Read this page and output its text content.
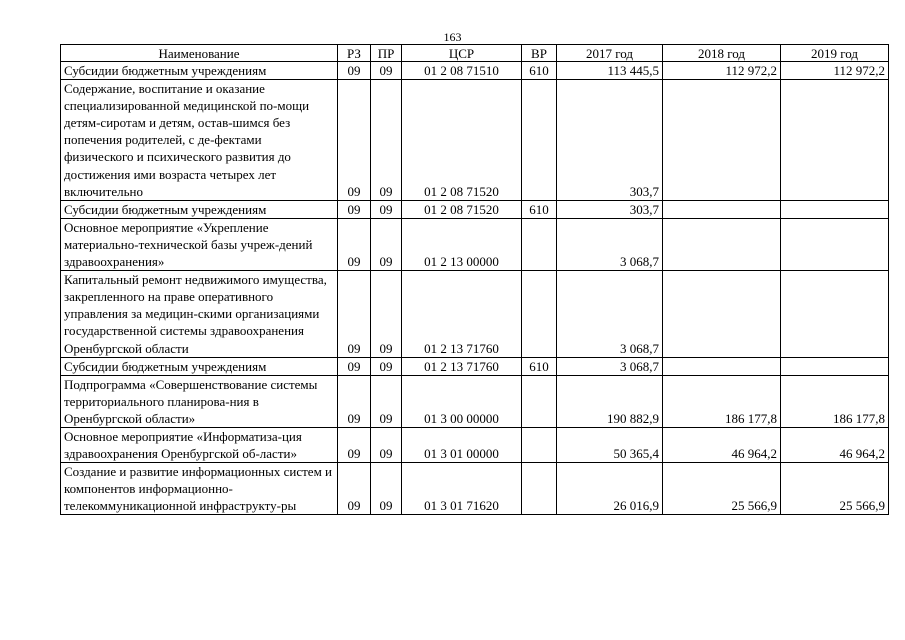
163
Наименование	РЗ	ПР	ЦСР	ВР	2017 год	2018 год	2019 год
Субсидии бюджетным учреждениям	09	09	01 2 08 71510	610	113 445,5	112 972,2	112 972,2
Содержание, воспитание и оказание специализированной медицинской по-мощи детям-сиротам и детям, остав-шимся без попечения родителей, с де-фектами физического и психического развития до достижения ими возраста четырех лет включительно	09	09	01 2 08 71520		303,7		
Субсидии бюджетным учреждениям	09	09	01 2 08 71520	610	303,7		
Основное мероприятие «Укрепление материально-технической базы учреж-дений здравоохранения»	09	09	01 2 13 00000		3 068,7		
Капитальный ремонт недвижимого имущества, закрепленного на праве оперативного управления за медицин-скими организациями государственной системы здравоохранения Оренбургской области	09	09	01 2 13 71760		3 068,7		
Субсидии бюджетным учреждениям	09	09	01 2 13 71760	610	3 068,7		
Подпрограмма «Совершенствование системы территориального планирова-ния в Оренбургской области»	09	09	01 3 00 00000		190 882,9	186 177,8	186 177,8
Основное мероприятие «Информатиза-ция здравоохранения Оренбургской об-ласти»	09	09	01 3 01 00000		50 365,4	46 964,2	46 964,2
Создание и развитие информационных систем и компонентов информационно-телекоммуникационной инфраструкту-ры	09	09	01 3 01 71620		26 016,9	25 566,9	25 566,9
